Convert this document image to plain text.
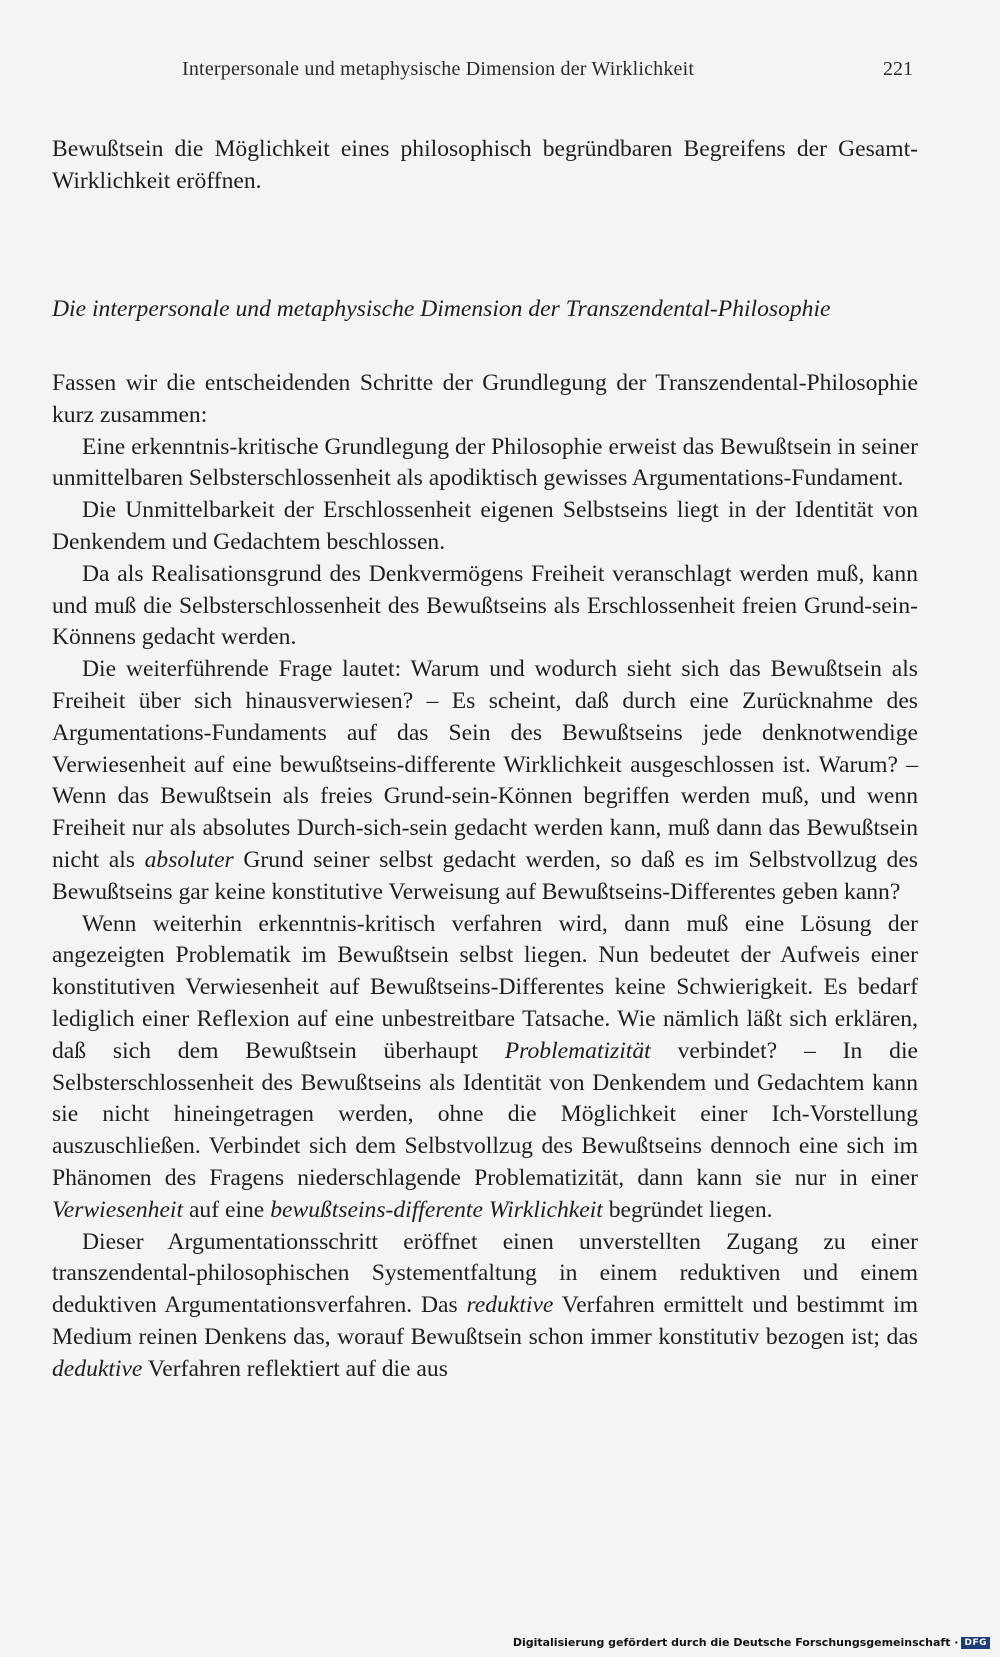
Interpersonale und metaphysische Dimension der Wirklichkeit	221

Bewußtsein die Möglichkeit eines philosophisch begründbaren Begreifens der Gesamt-Wirklichkeit eröffnen.

Die interpersonale und metaphysische Dimension der Transzendental-Philosophie

Fassen wir die entscheidenden Schritte der Grundlegung der Transzendental-Philosophie kurz zusammen:

Eine erkenntnis-kritische Grundlegung der Philosophie erweist das Bewußtsein in seiner unmittelbaren Selbsterschlossenheit als apodiktisch gewisses Argumentations-Fundament.

Die Unmittelbarkeit der Erschlossenheit eigenen Selbstseins liegt in der Identität von Denkendem und Gedachtem beschlossen.

Da als Realisationsgrund des Denkvermögens Freiheit veranschlagt werden muß, kann und muß die Selbsterschlossenheit des Bewußtseins als Erschlossenheit freien Grund-sein-Könnens gedacht werden.

Die weiterführende Frage lautet: Warum und wodurch sieht sich das Bewußtsein als Freiheit über sich hinausverwiesen? – Es scheint, daß durch eine Zurücknahme des Argumentations-Fundaments auf das Sein des Bewußtseins jede denknotwendige Verwiesenheit auf eine bewußtseins-differente Wirklichkeit ausgeschlossen ist. Warum? – Wenn das Bewußtsein als freies Grund-sein-Können begriffen werden muß, und wenn Freiheit nur als absolutes Durch-sich-sein gedacht werden kann, muß dann das Bewußtsein nicht als absoluter Grund seiner selbst gedacht werden, so daß es im Selbstvollzug des Bewußtseins gar keine konstitutive Verweisung auf Bewußtseins-Differentes geben kann?

Wenn weiterhin erkenntnis-kritisch verfahren wird, dann muß eine Lösung der angezeigten Problematik im Bewußtsein selbst liegen. Nun bedeutet der Aufweis einer konstitutiven Verwiesenheit auf Bewußtseins-Differentes keine Schwierigkeit. Es bedarf lediglich einer Reflexion auf eine unbestreitbare Tatsache. Wie nämlich läßt sich erklären, daß sich dem Bewußtsein überhaupt Problematizität verbindet? – In die Selbsterschlossenheit des Bewußtseins als Identität von Denkendem und Gedachtem kann sie nicht hineingetragen werden, ohne die Möglichkeit einer Ich-Vorstellung auszuschließen. Verbindet sich dem Selbstvollzug des Bewußtseins dennoch eine sich im Phänomen des Fragens niederschlagende Problematizität, dann kann sie nur in einer Verwiesenheit auf eine bewußtseins-differente Wirklichkeit begründet liegen.

Dieser Argumentationsschritt eröffnet einen unverstellten Zugang zu einer transzendental-philosophischen Systementfaltung in einem reduktiven und einem deduktiven Argumentationsverfahren. Das reduktive Verfahren ermittelt und bestimmt im Medium reinen Denkens das, worauf Bewußtsein schon immer konstitutiv bezogen ist; das deduktive Verfahren reflektiert auf die aus

Digitalisierung gefördert durch die Deutsche Forschungsgemeinschaft · DFG
